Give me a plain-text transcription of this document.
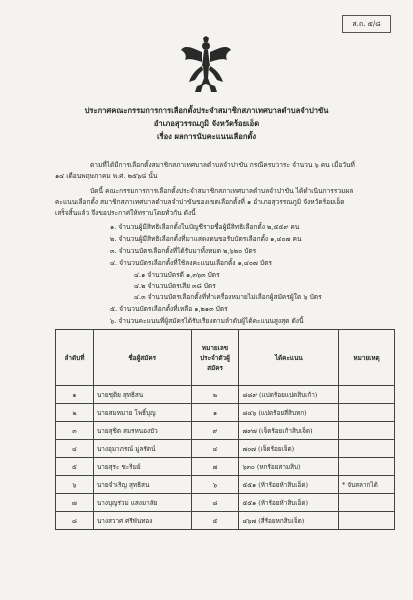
ส.ถ. ๕/๘
ประกาศคณะกรรมการการเลือกตั้งประจำสมาชิกสภาเทศบาลตำบลจำปาขัน
อำเภอสุวรรณภูมิ จังหวัดร้อยเอ็ด
เรื่อง ผลการนับคะแนนเลือกตั้ง
ตามที่ได้มีการเลือกตั้งสมาชิกสภาเทศบาลตำบลจำปาขัน กรณีครบวาระ จำนวน ๖ คน เมื่อวันที่
๑๔ เดือนพฤษภาคม พ.ศ. ๒๕๖๘ นั้น
บัดนี้ คณะกรรมการการเลือกตั้งประจำสมาชิกสภาเทศบาลตำบลจำปาขัน ได้ดำเนินการรวมผล
คะแนนเลือกตั้ง สมาชิกสภาเทศบาลตำบลจำปาขันของเขตเลือกตั้งที่ ๑ อำเภอสุวรรณภูมิ จังหวัดร้อยเอ็ด
เสร็จสิ้นแล้ว จึงขอประกาศให้ทราบโดยทั่วกัน ดังนี้
๑. จำนวนผู้มีสิทธิเลือกตั้งในบัญชีรายชื่อผู้มีสิทธิเลือกตั้ง ๒,๕๕๙ คน
๒. จำนวนผู้มีสิทธิเลือกตั้งที่มาแสดงตนขอรับบัตรเลือกตั้ง ๑,๔๐๗ คน
๓. จำนวนบัตรเลือกตั้งที่ได้รับมาทั้งหมด ๒,๖๒๐ บัตร
๔. จำนวนบัตรเลือกตั้งที่ใช้ลงคะแนนเลือกตั้ง ๑,๔๐๗ บัตร
๔.๑ จำนวนบัตรดี ๑,๓๖๓ บัตร
๔.๒ จำนวนบัตรเสีย ๓๘ บัตร
๔.๓ จำนวนบัตรเลือกตั้งที่ทำเครื่องหมายไม่เลือกผู้สมัครผู้ใด ๖ บัตร
๕. จำนวนบัตรเลือกตั้งที่เหลือ ๑,๒๑๓ บัตร
๖. จำนวนคะแนนที่ผู้สมัครได้รับเรียงตามลำดับผู้ได้คะแนนสูงสุด ดังนี้
ลำดับที่	ชื่อผู้สมัคร	หมายเลขประจำตัวผู้สมัคร	ได้คะแนน	หมายเหตุ
๑	นายชุติย สุทธิสน	๒	๘๘๙ (แปดร้อยแปดสิบเก้า)	
๒	นายสมหมาย โพธิ์บุญ	๑	๘๔๖ (แปดร้อยสี่สิบหก)	
๓	นายสุชิต สมรหนองบัว	๙	๗๙๗ (เจ็ดร้อยเก้าสิบเจ็ด)	
๔	นางอุมาภรณ์ มูลรัตน์	๔	๗๐๗ (เจ็ดร้อยเจ็ด)	
๕	นายสุระ ชะริมย์	๗	๖๓๐ (หกร้อยสามสิบ)	
๖	นายจำเริญ สุทธิสน	๖	๕๕๑ (ห้าร้อยห้าสิบเอ็ด)	* จับสลากได้
๗	นางบุญร่วม แสงมาลัย	๘	๕๕๑ (ห้าร้อยห้าสิบเอ็ด)	
๘	นางสวาศ ศรีพันทอง	๕	๔๖๗ (สี่ร้อยหกสิบเจ็ด)	
